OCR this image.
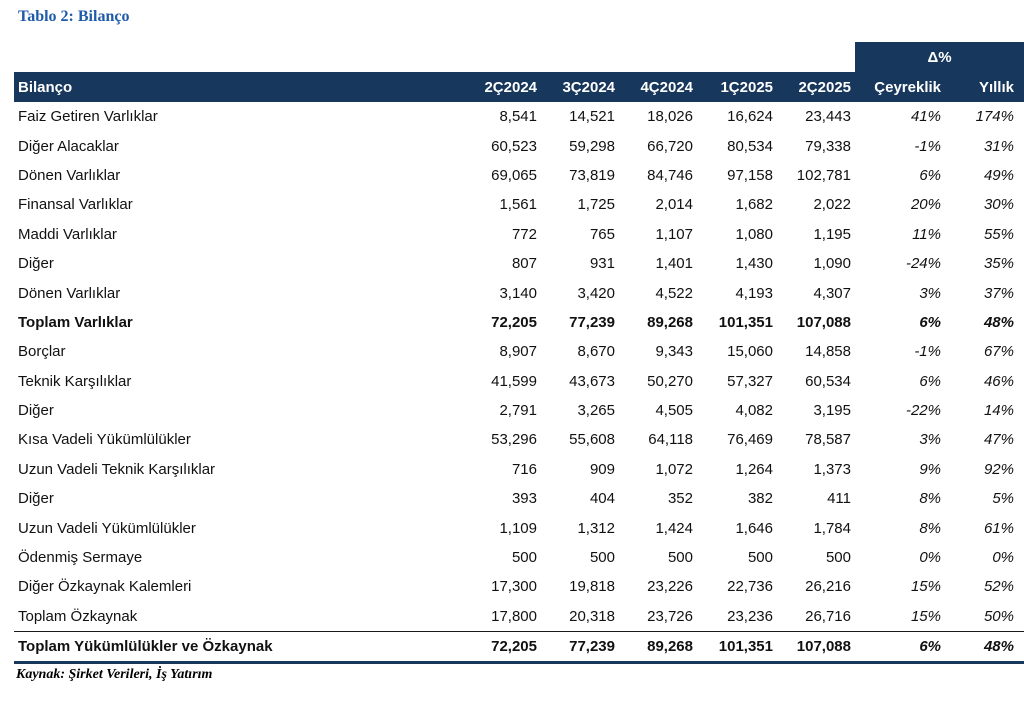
Tablo 2: Bilanço
Δ%
Bilanço	2Ç2024	3Ç2024	4Ç2024	1Ç2025	2Ç2025	Çeyreklik	Yıllık
Faiz Getiren Varlıklar	8,541	14,521	18,026	16,624	23,443	41%	174%
Diğer Alacaklar	60,523	59,298	66,720	80,534	79,338	-1%	31%
Dönen Varlıklar	69,065	73,819	84,746	97,158	102,781	6%	49%
Finansal Varlıklar	1,561	1,725	2,014	1,682	2,022	20%	30%
Maddi Varlıklar	772	765	1,107	1,080	1,195	11%	55%
Diğer	807	931	1,401	1,430	1,090	-24%	35%
Dönen Varlıklar	3,140	3,420	4,522	4,193	4,307	3%	37%
Toplam Varlıklar	72,205	77,239	89,268	101,351	107,088	6%	48%
Borçlar	8,907	8,670	9,343	15,060	14,858	-1%	67%
Teknik Karşılıklar	41,599	43,673	50,270	57,327	60,534	6%	46%
Diğer	2,791	3,265	4,505	4,082	3,195	-22%	14%
Kısa Vadeli Yükümlülükler	53,296	55,608	64,118	76,469	78,587	3%	47%
Uzun Vadeli Teknik Karşılıklar	716	909	1,072	1,264	1,373	9%	92%
Diğer	393	404	352	382	411	8%	5%
Uzun Vadeli Yükümlülükler	1,109	1,312	1,424	1,646	1,784	8%	61%
Ödenmiş Sermaye	500	500	500	500	500	0%	0%
Diğer Özkaynak Kalemleri	17,300	19,818	23,226	22,736	26,216	15%	52%
Toplam Özkaynak	17,800	20,318	23,726	23,236	26,716	15%	50%
Toplam Yükümlülükler ve Özkaynak	72,205	77,239	89,268	101,351	107,088	6%	48%
Kaynak: Şirket Verileri, İş Yatırım
